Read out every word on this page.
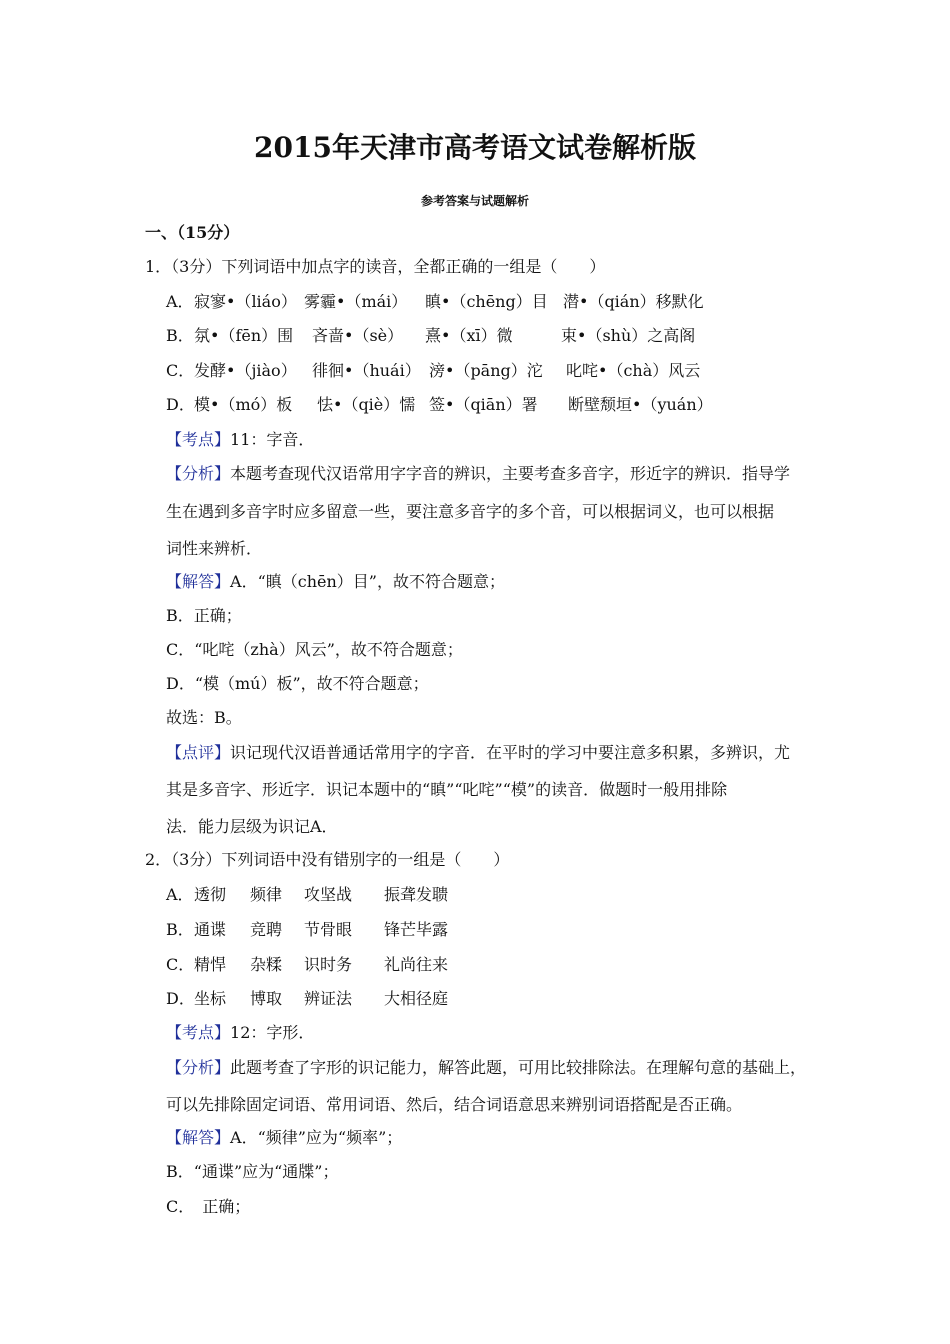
2015年天津市高考语文试卷解析版
参考答案与试题解析
一、（15分）
1．（3分）下列词语中加点字的读音，全都正确的一组是（　　）
A．寂寥•（liáo） 雾霾•（mái） 瞋•（chēng）目 潜•（qián）移默化
B．氛•（fēn）围 吝啬•（sè） 熹•（xī）微	束•（shù）之高阁
C．发酵•（jiào） 徘徊•（huái） 滂•（pāng）沱 叱咤•（chà）风云
D．模•（mó）板 怯•（qiè）懦 签•（qiān）署 断壁颓垣•（yuán）
【考点】11：字音．
【分析】本题考查现代汉语常用字字音的辨识，主要考查多音字，形近字的辨识．指导学
生在遇到多音字时应多留意一些，要注意多音字的多个音，可以根据词义，也可以根据
词性来辨析．
【解答】A．“瞋（chēn）目”，故不符合题意；
B．正确；
C．“叱咤（zhà）风云”，故不符合题意；
D．“模（mú）板”，故不符合题意；
故选：B。
【点评】识记现代汉语普通话常用字的字音．在平时的学习中要注意多积累，多辨识，尤
其是多音字、形近字．识记本题中的“瞋”“叱咤”“模”的读音．做题时一般用排除
法．能力层级为识记A．
2．（3分）下列词语中没有错别字的一组是（　　）
A．透彻 频律 攻坚战 振聋发聩
B．通谍 竞聘 节骨眼 锋芒毕露
C．精悍 杂糅 识时务 礼尚往来
D．坐标 博取 辨证法 大相径庭
【考点】12：字形．
【分析】此题考查了字形的识记能力，解答此题，可用比较排除法。在理解句意的基础上，
可以先排除固定词语、常用词语、然后，结合词语意思来辨别词语搭配是否正确。
【解答】A．“频律”应为“频率”；
B．“通谍”应为“通牒”；
C．　正确；
